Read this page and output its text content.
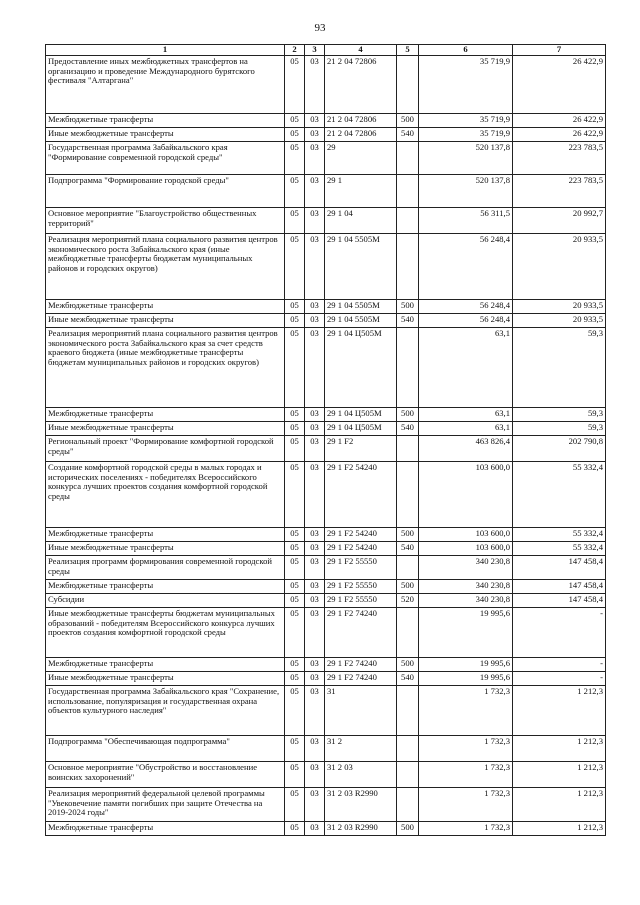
93
1	2	3	4	5	6	7
Предоставление иных межбюджетных трансфертов на организацию и проведение Международного бурятского фестиваля "Алтаргана"	05	03	21 2 04 72806		35 719,9	26 422,9
Межбюджетные трансферты	05	03	21 2 04 72806	500	35 719,9	26 422,9
Иные межбюджетные трансферты	05	03	21 2 04 72806	540	35 719,9	26 422,9
Государственная программа Забайкальского края "Формирование современной городской среды"	05	03	29		520 137,8	223 783,5
Подпрограмма "Формирование городской среды"	05	03	29 1		520 137,8	223 783,5
Основное мероприятие "Благоустройство общественных территорий"	05	03	29 1 04		56 311,5	20 992,7
Реализация мероприятий плана социального развития центров экономического роста Забайкальского края (иные межбюджетные трансферты бюджетам муниципальных районов и городских округов)	05	03	29 1 04 5505М		56 248,4	20 933,5
Межбюджетные трансферты	05	03	29 1 04 5505М	500	56 248,4	20 933,5
Иные межбюджетные трансферты	05	03	29 1 04 5505М	540	56 248,4	20 933,5
Реализация мероприятий плана социального развития центров экономического роста Забайкальского края за счет средств краевого бюджета (иные межбюджетные трансферты бюджетам муниципальных районов и городских округов)	05	03	29 1 04 Ц505М		63,1	59,3
Межбюджетные трансферты	05	03	29 1 04 Ц505М	500	63,1	59,3
Иные межбюджетные трансферты	05	03	29 1 04 Ц505М	540	63,1	59,3
Региональный проект "Формирование комфортной городской среды"	05	03	29 1 F2		463 826,4	202 790,8
Создание комфортной городской среды в малых городах и исторических поселениях - победителях Всероссийского конкурса лучших проектов создания комфортной городской среды	05	03	29 1 F2 54240		103 600,0	55 332,4
Межбюджетные трансферты	05	03	29 1 F2 54240	500	103 600,0	55 332,4
Иные межбюджетные трансферты	05	03	29 1 F2 54240	540	103 600,0	55 332,4
Реализация программ формирования современной городской среды	05	03	29 1 F2 55550		340 230,8	147 458,4
Межбюджетные трансферты	05	03	29 1 F2 55550	500	340 230,8	147 458,4
Субсидии	05	03	29 1 F2 55550	520	340 230,8	147 458,4
Иные межбюджетные трансферты бюджетам муниципальных образований - победителям Всероссийского конкурса лучших проектов создания комфортной городской среды	05	03	29 1 F2 74240		19 995,6	-
Межбюджетные трансферты	05	03	29 1 F2 74240	500	19 995,6	-
Иные межбюджетные трансферты	05	03	29 1 F2 74240	540	19 995,6	-
Государственная программа Забайкальского края "Сохранение, использование, популяризация и государственная охрана объектов культурного наследия"	05	03	31		1 732,3	1 212,3
Подпрограмма "Обеспечивающая подпрограмма"	05	03	31 2		1 732,3	1 212,3
Основное мероприятие "Обустройство и восстановление воинских захоронений"	05	03	31 2 03		1 732,3	1 212,3
Реализация мероприятий федеральной целевой программы "Увековечение памяти погибших при защите Отечества на 2019-2024 годы"	05	03	31 2 03 R2990		1 732,3	1 212,3
Межбюджетные трансферты	05	03	31 2 03 R2990	500	1 732,3	1 212,3
